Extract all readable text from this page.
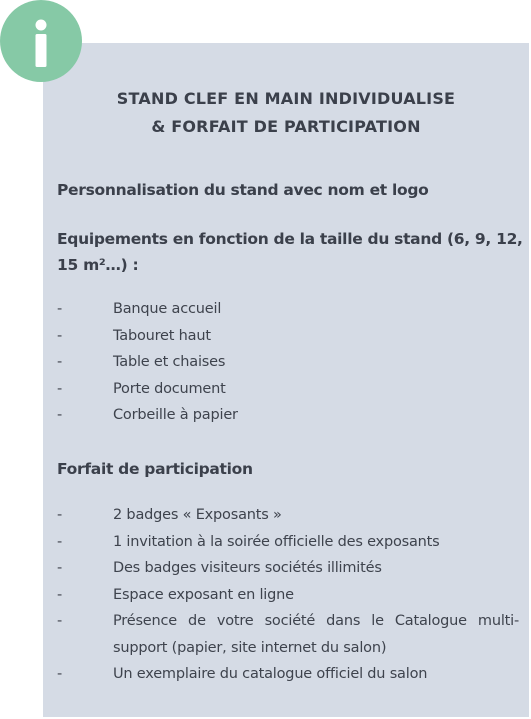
STAND CLEF EN MAIN INDIVIDUALISE
& FORFAIT DE PARTICIPATION
Personnalisation du stand avec nom et logo
Equipements en fonction de la taille du stand (6, 9, 12, 15 m²…) :
-	Banque accueil
-	Tabouret haut
-	Table et chaises
-	Porte document
-	Corbeille à papier
Forfait de participation
-	2 badges « Exposants »
-	1 invitation à la soirée officielle des exposants
-	Des badges visiteurs sociétés illimités
-	Espace exposant en ligne
-	Présence de votre société dans le Catalogue multi-support (papier, site internet du salon)
-	Un exemplaire du catalogue officiel du salon
